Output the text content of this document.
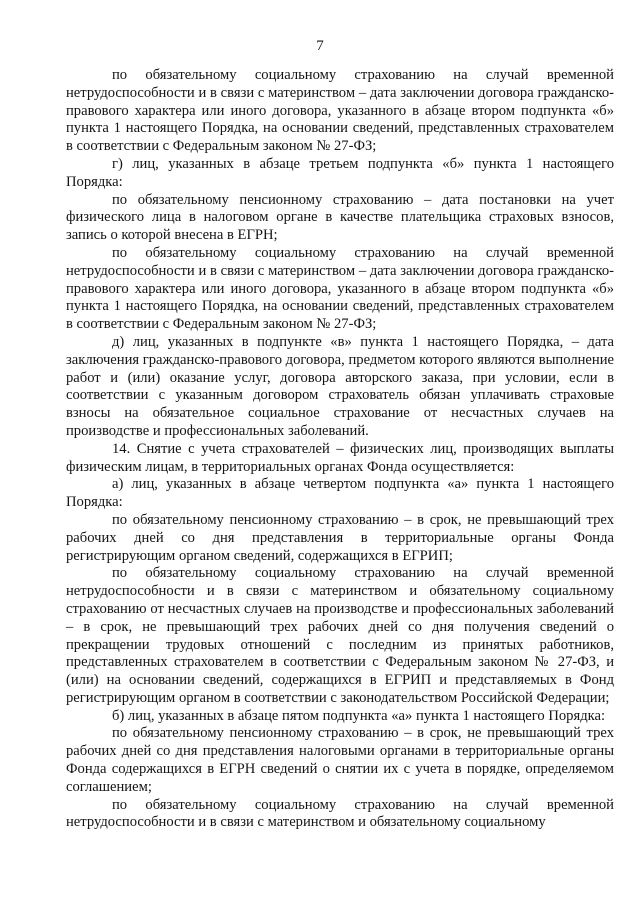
7

по обязательному социальному страхованию на случай временной нетрудоспособности и в связи с материнством – дата заключении договора гражданско-правового характера или иного договора, указанного в абзаце втором подпункта «б» пункта 1 настоящего Порядка, на основании сведений, представленных страхователем в соответствии с Федеральным законом № 27-ФЗ;

г) лиц, указанных в абзаце третьем подпункта «б» пункта 1 настоящего Порядка:

по обязательному пенсионному страхованию – дата постановки на учет физического лица в налоговом органе в качестве плательщика страховых взносов, запись о которой внесена в ЕГРН;

по обязательному социальному страхованию на случай временной нетрудоспособности и в связи с материнством – дата заключении договора гражданско-правового характера или иного договора, указанного в абзаце втором подпункта «б» пункта 1 настоящего Порядка, на основании сведений, представленных страхователем в соответствии с Федеральным законом № 27-ФЗ;

д) лиц, указанных в подпункте «в» пункта 1 настоящего Порядка, – дата заключения гражданско-правового договора, предметом которого являются выполнение работ и (или) оказание услуг, договора авторского заказа, при условии, если в соответствии с указанным договором страхователь обязан уплачивать страховые взносы на обязательное социальное страхование от несчастных случаев на производстве и профессиональных заболеваний.

14. Снятие с учета страхователей – физических лиц, производящих выплаты физическим лицам, в территориальных органах Фонда осуществляется:

а) лиц, указанных в абзаце четвертом подпункта «а» пункта 1 настоящего Порядка:

по обязательному пенсионному страхованию – в срок, не превышающий трех рабочих дней со дня представления в территориальные органы Фонда регистрирующим органом сведений, содержащихся в ЕГРИП;

по обязательному социальному страхованию на случай временной нетрудоспособности и в связи с материнством и обязательному социальному страхованию от несчастных случаев на производстве и профессиональных заболеваний – в срок, не превышающий трех рабочих дней со дня получения сведений о прекращении трудовых отношений с последним из принятых работников, представленных страхователем в соответствии с Федеральным законом № 27-ФЗ, и (или) на основании сведений, содержащихся в ЕГРИП и представляемых в Фонд регистрирующим органом в соответствии с законодательством Российской Федерации;

б) лиц, указанных в абзаце пятом подпункта «а» пункта 1 настоящего Порядка:

по обязательному пенсионному страхованию – в срок, не превышающий трех рабочих дней со дня представления налоговыми органами в территориальные органы Фонда содержащихся в ЕГРН сведений о снятии их с учета в порядке, определяемом соглашением;

по обязательному социальному страхованию на случай временной нетрудоспособности и в связи с материнством и обязательному социальному
